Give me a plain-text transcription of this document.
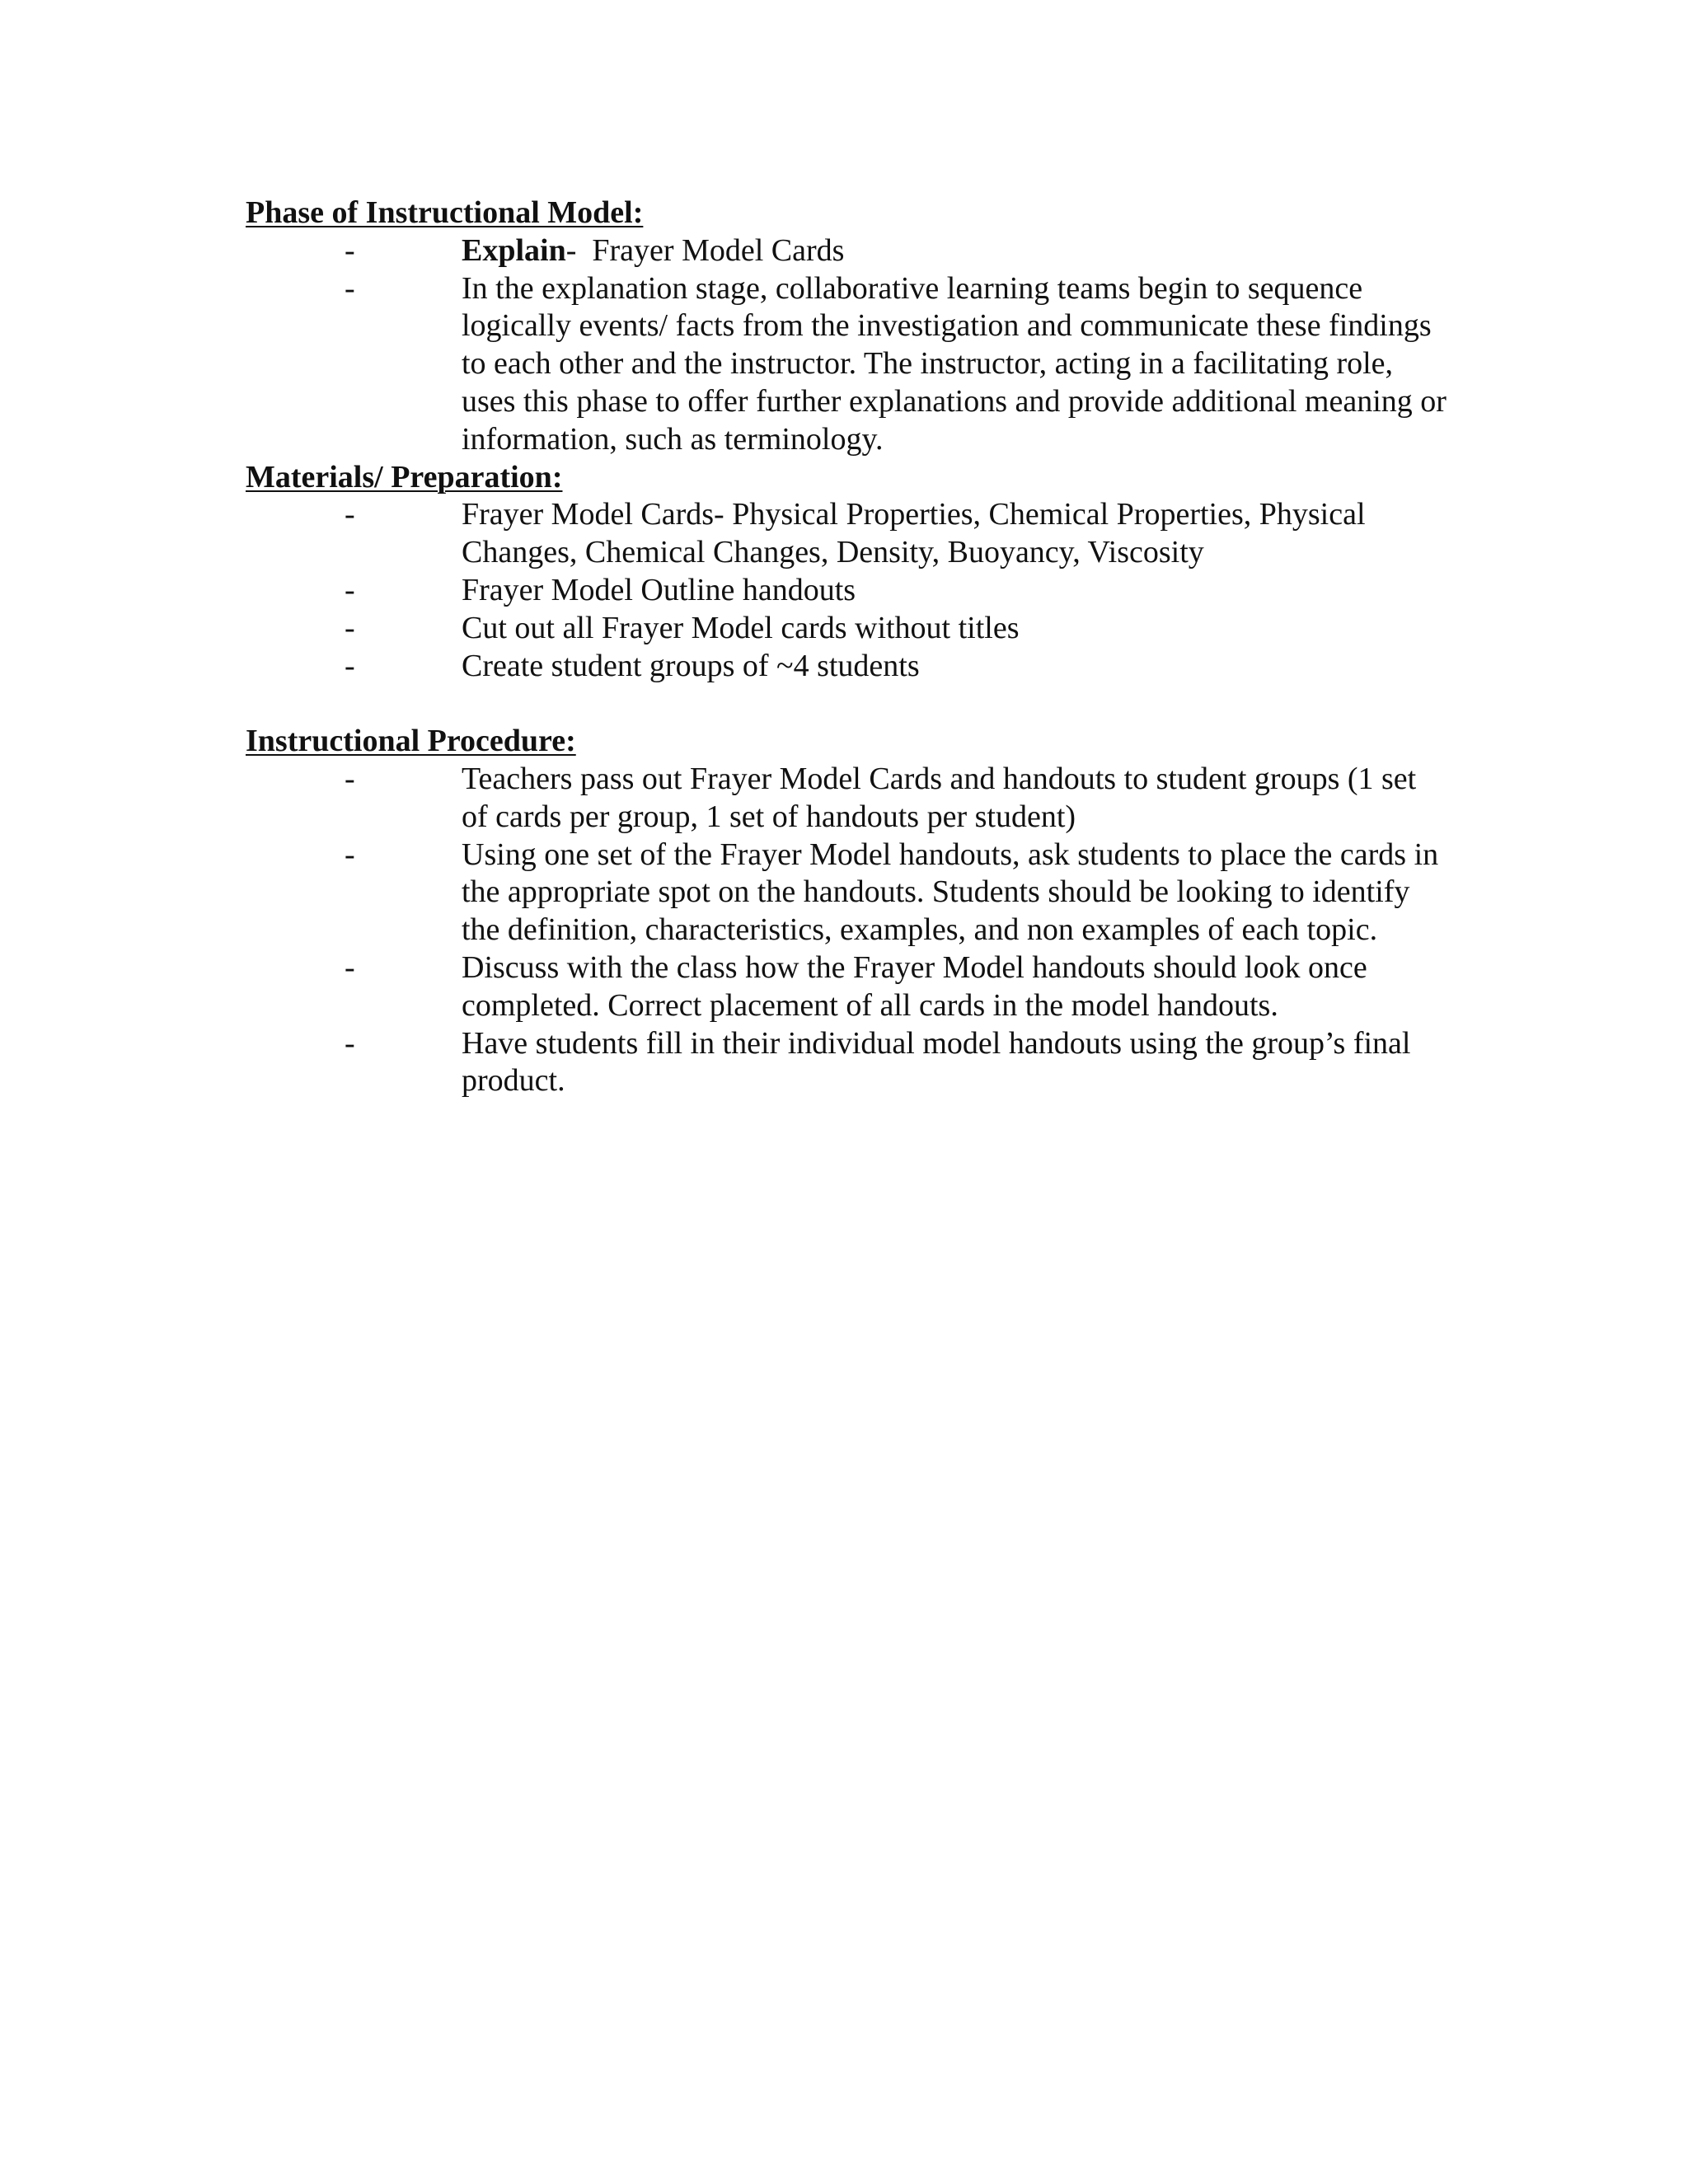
Phase of Instructional Model:
-	Explain-  Frayer Model Cards
-	In the explanation stage, collaborative learning teams begin to sequence logically events/ facts from the investigation and communicate these findings to each other and the instructor. The instructor, acting in a facilitating role, uses this phase to offer further explanations and provide additional meaning or information, such as terminology.
Materials/ Preparation:
-	Frayer Model Cards- Physical Properties, Chemical Properties, Physical Changes, Chemical Changes, Density, Buoyancy, Viscosity
-	Frayer Model Outline handouts
-	Cut out all Frayer Model cards without titles
-	Create student groups of ~4 students
Instructional Procedure:
-	Teachers pass out Frayer Model Cards and handouts to student groups (1 set of cards per group, 1 set of handouts per student)
-	Using one set of the Frayer Model handouts, ask students to place the cards in the appropriate spot on the handouts. Students should be looking to identify the definition, characteristics, examples, and non examples of each topic.
-	Discuss with the class how the Frayer Model handouts should look once completed. Correct placement of all cards in the model handouts.
-	Have students fill in their individual model handouts using the group’s final product.
